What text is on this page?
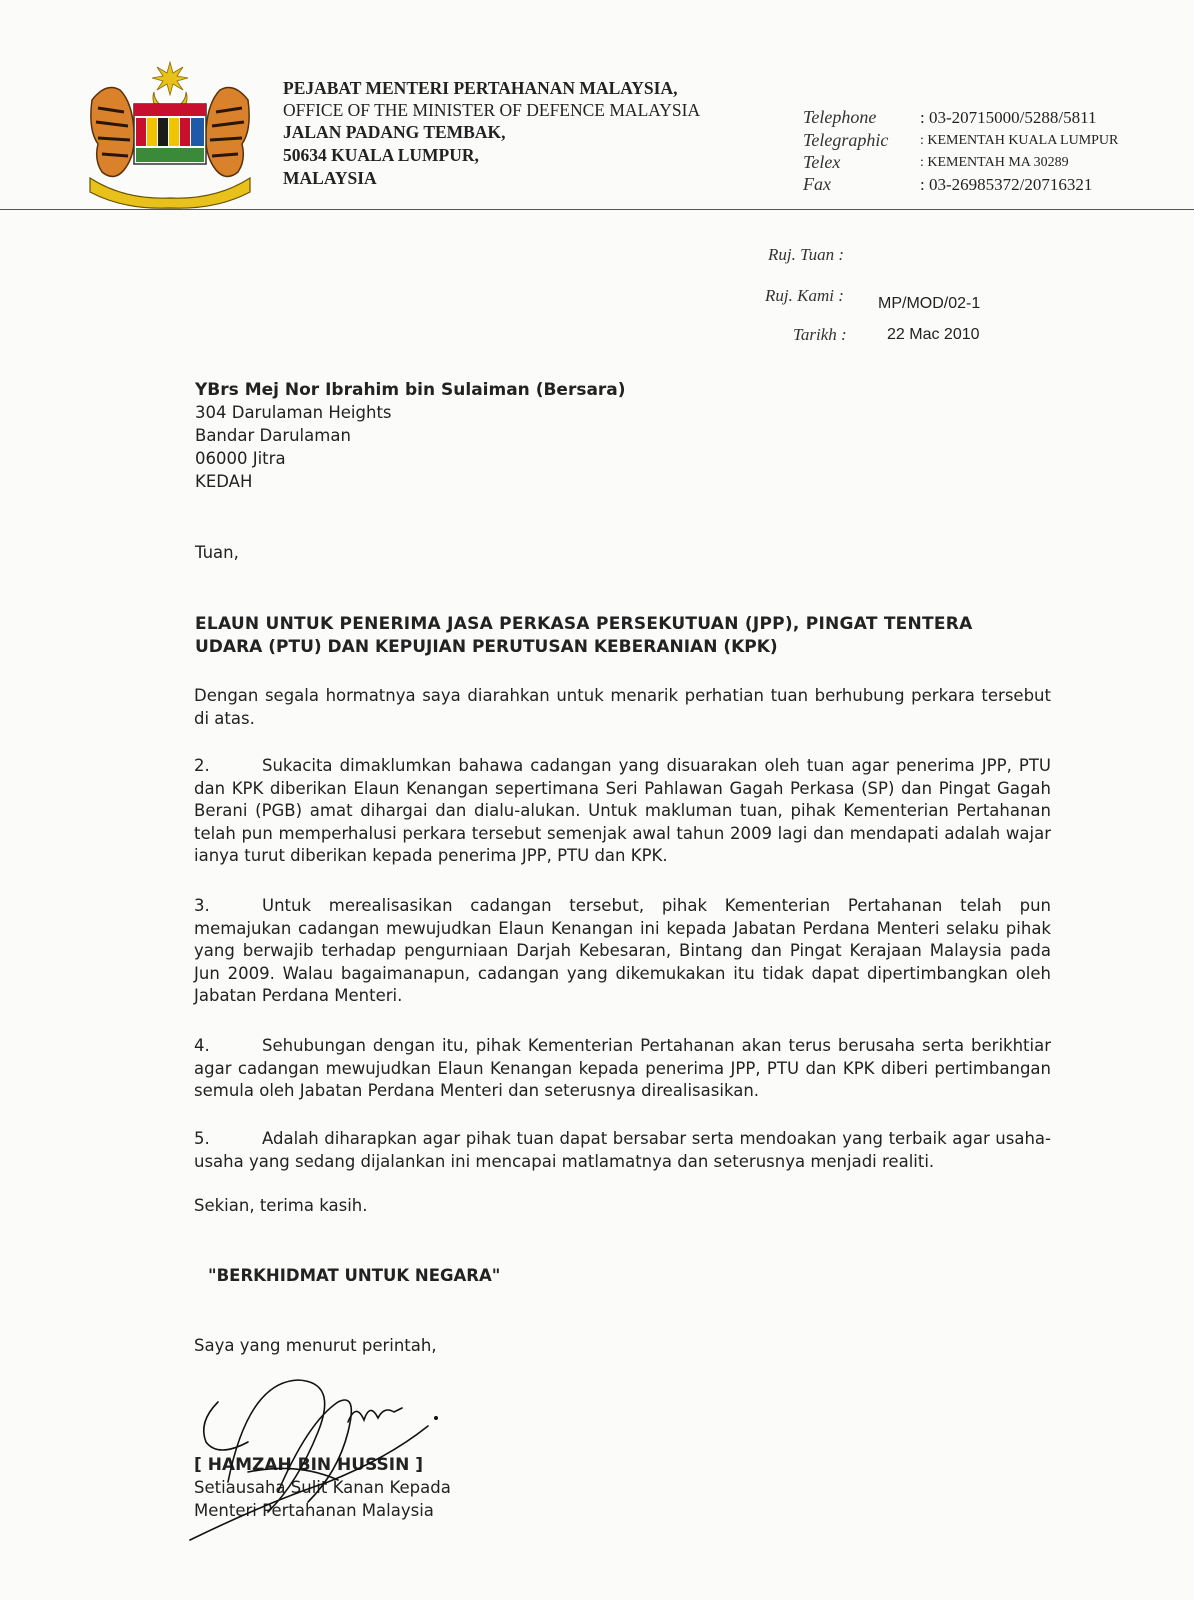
PEJABAT MENTERI PERTAHANAN MALAYSIA,
OFFICE OF THE MINISTER OF DEFENCE MALAYSIA
JALAN PADANG TEMBAK,
50634 KUALA LUMPUR,
MALAYSIA
Telephone	: 03-20715000/5288/5811
Telegraphic : KEMENTAH KUALA LUMPUR
Telex	: KEMENTAH MA 30289
Fax	: 03-26985372/20716321
Ruj. Tuan :
Ruj. Kami : MP/MOD/02-1
Tarikh :	22 Mac 2010
YBrs Mej Nor Ibrahim bin Sulaiman (Bersara)
304 Darulaman Heights
Bandar Darulaman
06000 Jitra
KEDAH
Tuan,
ELAUN UNTUK PENERIMA JASA PERKASA PERSEKUTUAN (JPP), PINGAT TENTERA
UDARA (PTU) DAN KEPUJIAN PERUTUSAN KEBERANIAN (KPK)
Dengan segala hormatnya saya diarahkan untuk menarik perhatian tuan berhubung perkara tersebut di atas.
2.	Sukacita dimaklumkan bahawa cadangan yang disuarakan oleh tuan agar penerima JPP, PTU dan KPK diberikan Elaun Kenangan sepertimana Seri Pahlawan Gagah Perkasa (SP) dan Pingat Gagah Berani (PGB) amat dihargai dan dialu-alukan. Untuk makluman tuan, pihak Kementerian Pertahanan telah pun memperhalusi perkara tersebut semenjak awal tahun 2009 lagi dan mendapati adalah wajar ianya turut diberikan kepada penerima JPP, PTU dan KPK.
3.	Untuk merealisasikan cadangan tersebut, pihak Kementerian Pertahanan telah pun memajukan cadangan mewujudkan Elaun Kenangan ini kepada Jabatan Perdana Menteri selaku pihak yang berwajib terhadap pengurniaan Darjah Kebesaran, Bintang dan Pingat Kerajaan Malaysia pada Jun 2009. Walau bagaimanapun, cadangan yang dikemukakan itu tidak dapat dipertimbangkan oleh Jabatan Perdana Menteri.
4.	Sehubungan dengan itu, pihak Kementerian Pertahanan akan terus berusaha serta berikhtiar agar cadangan mewujudkan Elaun Kenangan kepada penerima JPP, PTU dan KPK diberi pertimbangan semula oleh Jabatan Perdana Menteri dan seterusnya direalisasikan.
5.	Adalah diharapkan agar pihak tuan dapat bersabar serta mendoakan yang terbaik agar usaha-usaha yang sedang dijalankan ini mencapai matlamatnya dan seterusnya menjadi realiti.
Sekian, terima kasih.
"BERKHIDMAT UNTUK NEGARA"
Saya yang menurut perintah,
[ HAMZAH BIN HUSSIN ]
Setiausaha Sulit Kanan Kepada
Menteri Pertahanan Malaysia
